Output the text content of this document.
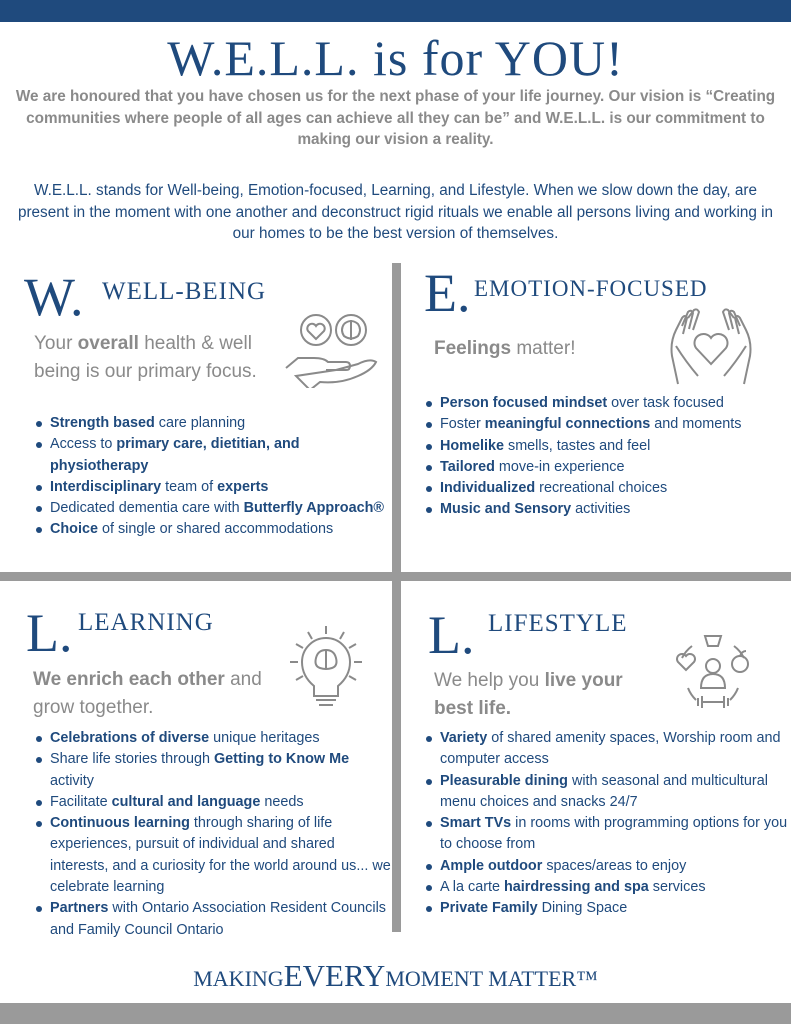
W.E.L.L. is for YOU!
We are honoured that you have chosen us for the next phase of your life journey. Our vision is “Creating communities where people of all ages can achieve all they can be” and W.E.L.L. is our commitment to making our vision a reality.
W.E.L.L. stands for Well-being, Emotion-focused, Learning, and Lifestyle. When we slow down the day, are present in the moment with one another and deconstruct rigid rituals we enable all persons living and working in our homes to be the best version of themselves.
W. WELL-BEING
Your overall health & well being is our primary focus.
Strength based care planning
Access to primary care, dietitian, and physiotherapy
Interdisciplinary team of experts
Dedicated dementia care with Butterfly Approach®
Choice of single or shared accommodations
E. EMOTION-FOCUSED
Feelings matter!
Person focused mindset over task focused
Foster meaningful connections and moments
Homelike smells, tastes and feel
Tailored move-in experience
Individualized recreational choices
Music and Sensory activities
L. LEARNING
We enrich each other and grow together.
Celebrations of diverse unique heritages
Share life stories through Getting to Know Me activity
Facilitate cultural and language needs
Continuous learning through sharing of life experiences, pursuit of individual and shared interests, and a curiosity for the world around us... we celebrate learning
Partners with Ontario Association Resident Councils and Family Council Ontario
L. LIFESTYLE
We help you live your best life.
Variety of shared amenity spaces, Worship room and computer access
Pleasurable dining with seasonal and multicultural menu choices and snacks 24/7
Smart TVs in rooms with programming options for you to choose from
Ample outdoor spaces/areas to enjoy
A la carte hairdressing and spa services
Private Family Dining Space
MAKINGEVERYMOMENT MATTER™
